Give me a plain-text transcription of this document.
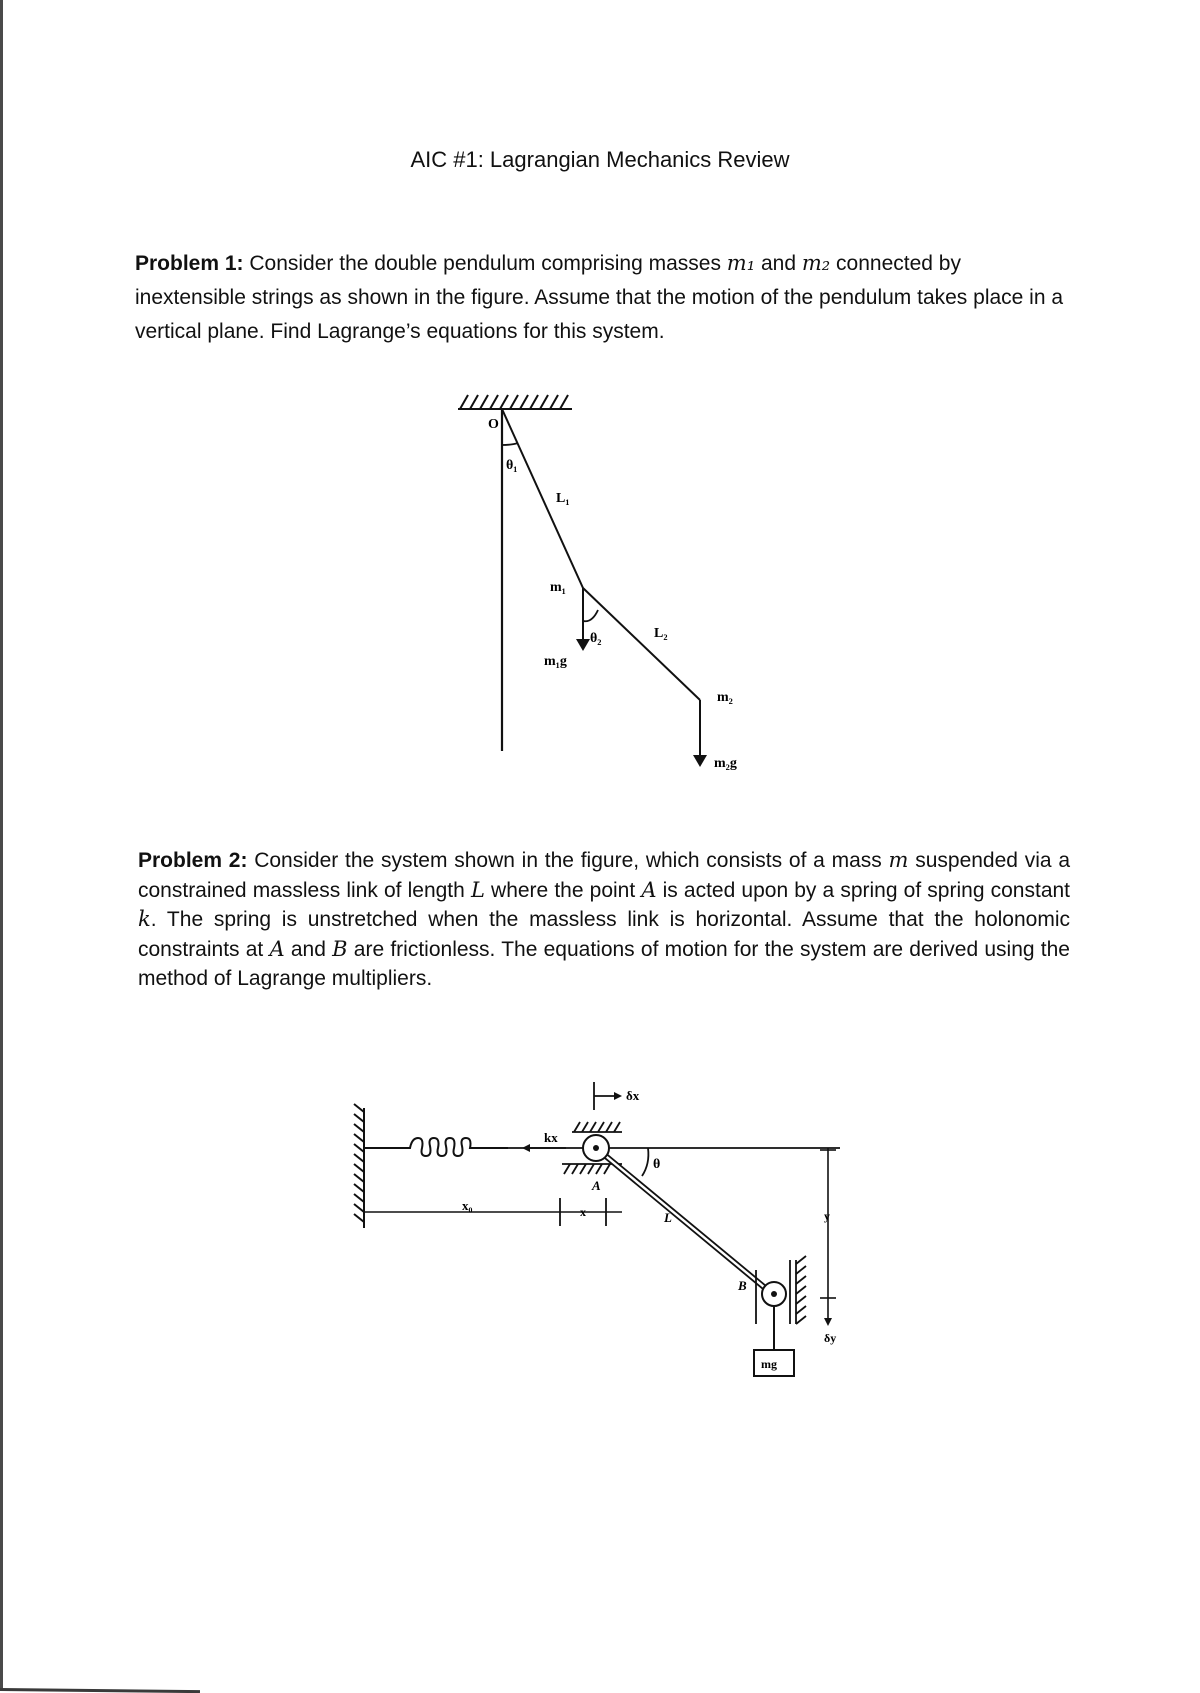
AIC #1: Lagrangian Mechanics Review

Problem 1: Consider the double pendulum comprising masses m₁ and m₂ connected by inextensible strings as shown in the figure. Assume that the motion of the pendulum takes place in a vertical plane. Find Lagrange’s equations for this system.

O
θ₁
L₁
m₁
θ₂	L₂
m₁g
m₂
m₂g

Problem 2: Consider the system shown in the figure, which consists of a mass m suspended via a constrained massless link of length L where the point A is acted upon by a spring of spring constant k. The spring is unstretched when the massless link is horizontal. Assume that the holonomic constraints at A and B are frictionless. The equations of motion for the system are derived using the method of Lagrange multipliers.

δx
kx
θ
A
x₀	x	L	y
B
δy
mg
